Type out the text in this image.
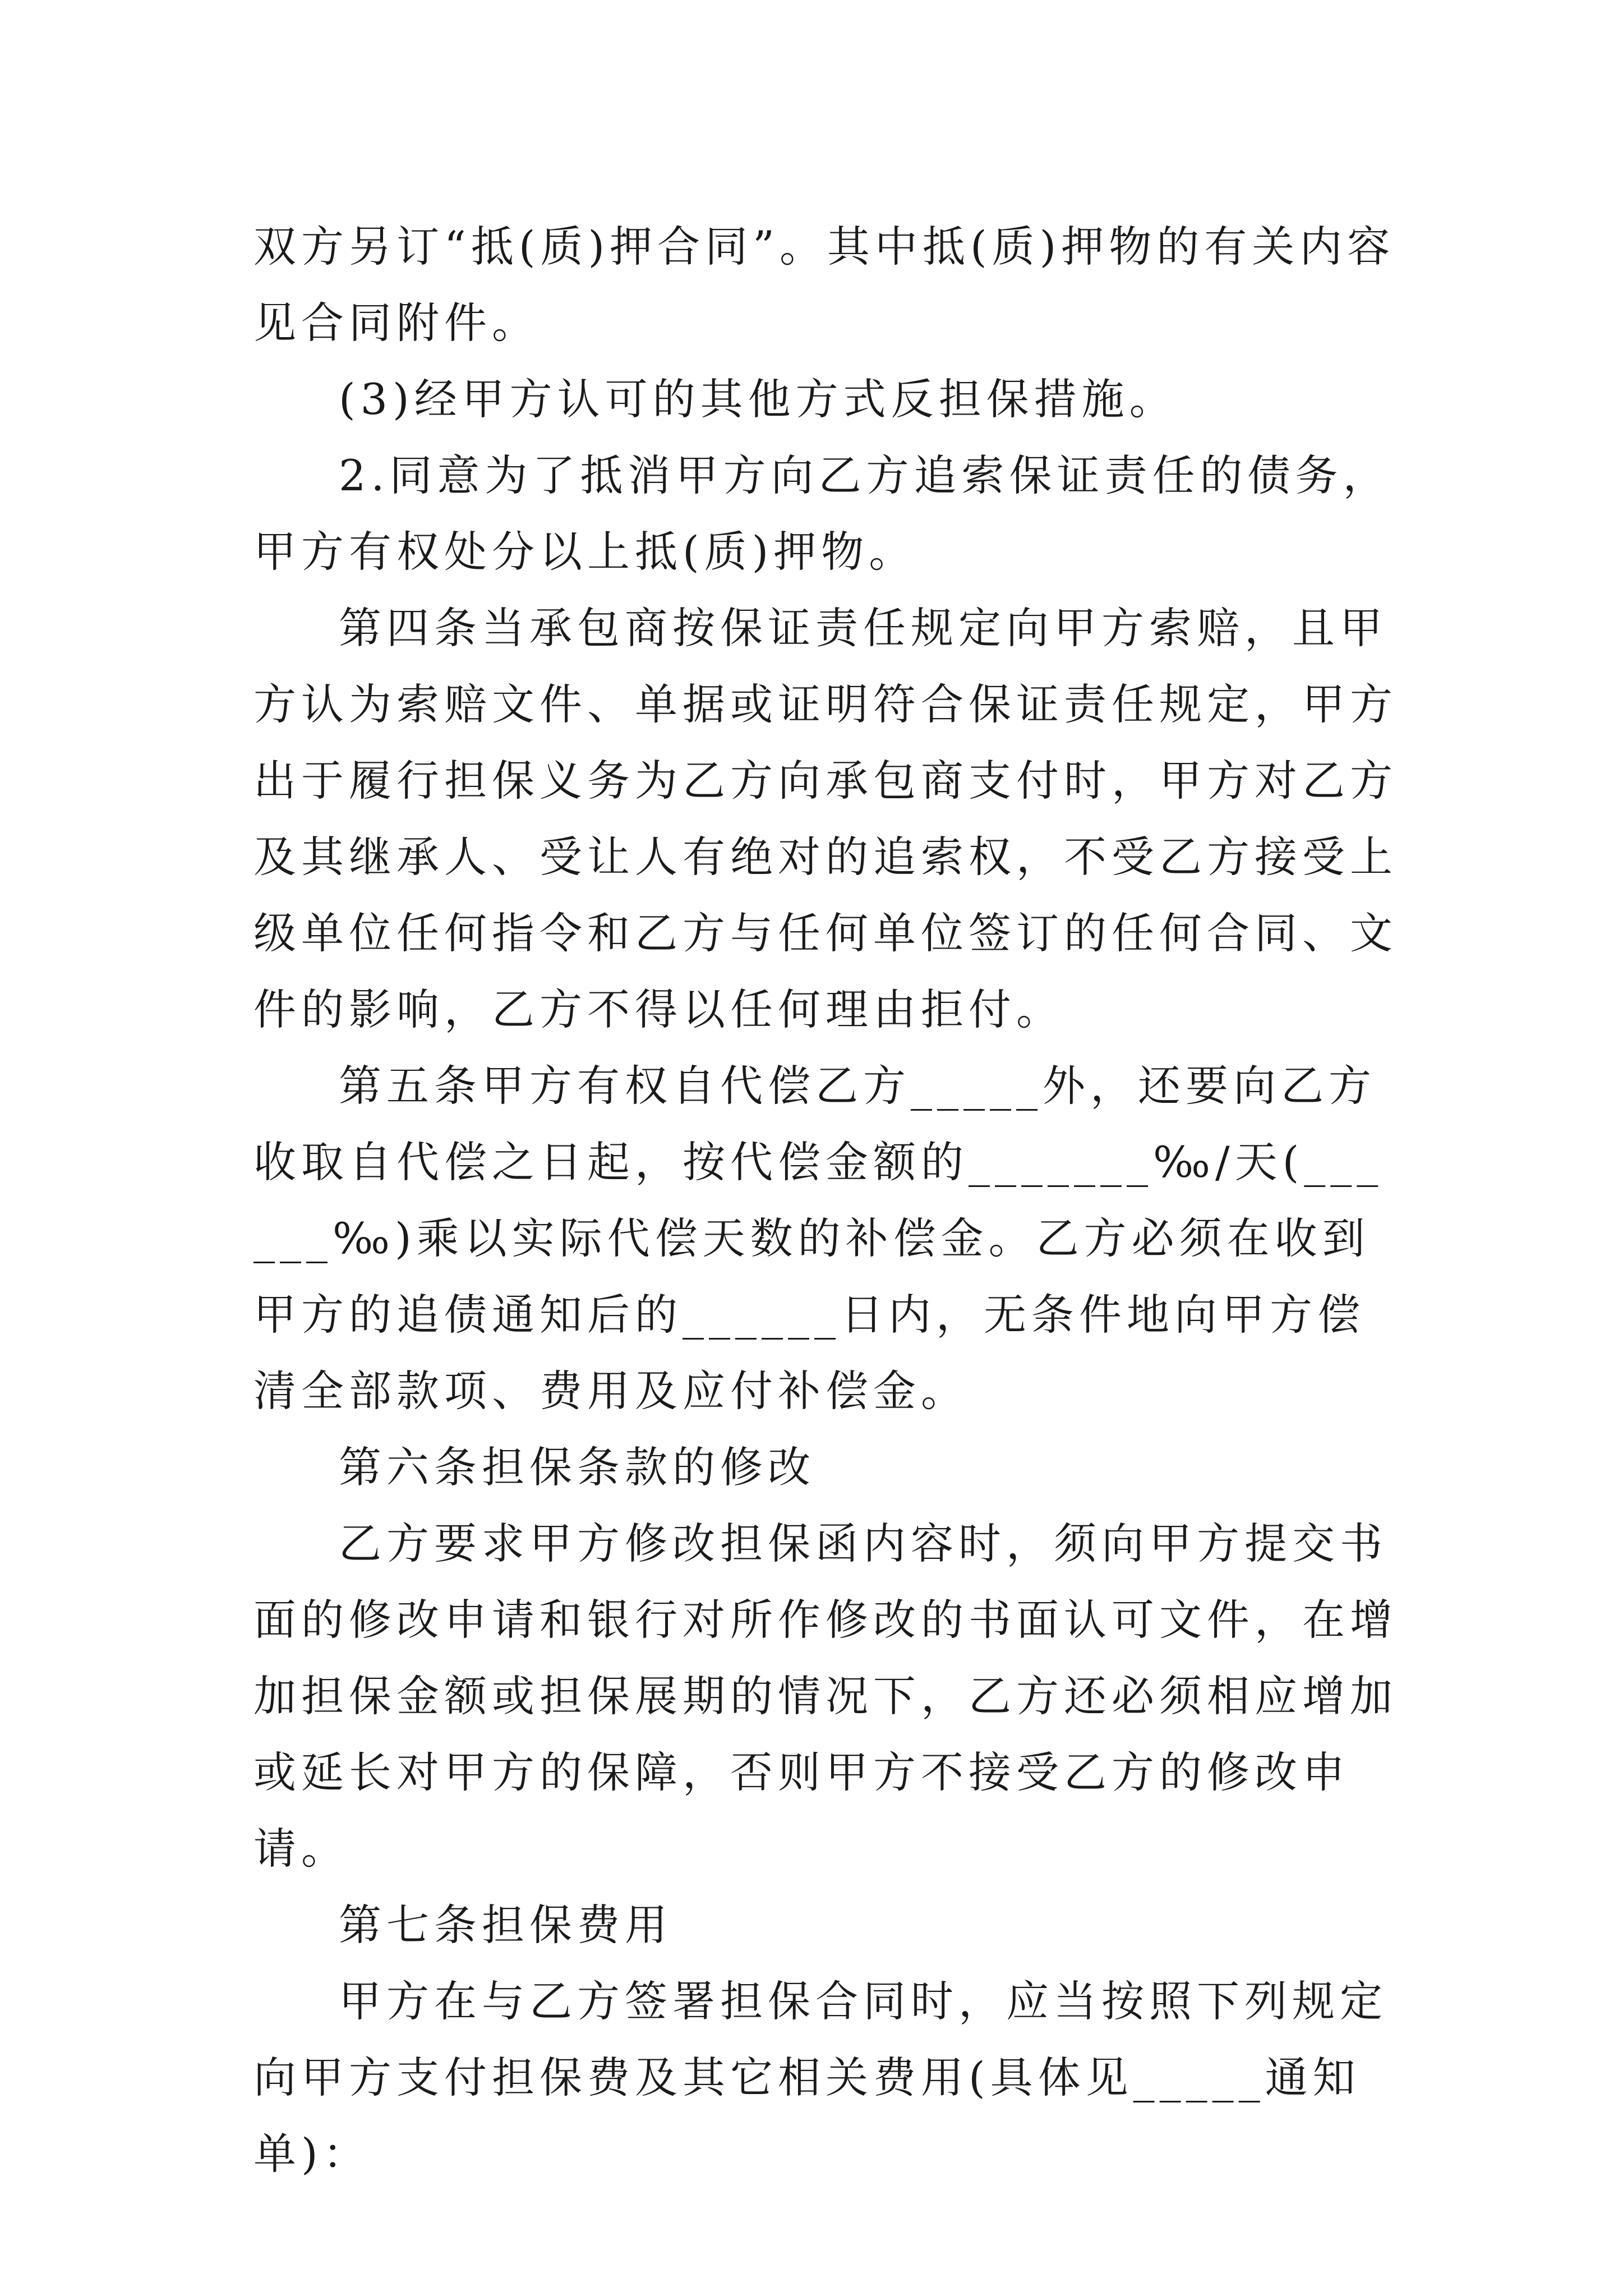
双方另订“抵(质)押合同”。其中抵(质)押物的有关内容见合同附件。

(3)经甲方认可的其他方式反担保措施。

2.同意为了抵消甲方向乙方追索保证责任的债务，甲方有权处分以上抵(质)押物。

第四条当承包商按保证责任规定向甲方索赔，且甲方认为索赔文件、单据或证明符合保证责任规定，甲方出于履行担保义务为乙方向承包商支付时，甲方对乙方及其继承人、受让人有绝对的追索权，不受乙方接受上级单位任何指令和乙方与任何单位签订的任何合同、文件的影响，乙方不得以任何理由拒付。

第五条甲方有权自代偿乙方_____外，还要向乙方收取自代偿之日起，按代偿金额的_______‰/天(______‰)乘以实际代偿天数的补偿金。乙方必须在收到甲方的追债通知后的______日内，无条件地向甲方偿清全部款项、费用及应付补偿金。

第六条担保条款的修改

乙方要求甲方修改担保函内容时，须向甲方提交书面的修改申请和银行对所作修改的书面认可文件，在增加担保金额或担保展期的情况下，乙方还必须相应增加或延长对甲方的保障，否则甲方不接受乙方的修改申请。

第七条担保费用

甲方在与乙方签署担保合同时，应当按照下列规定向甲方支付担保费及其它相关费用(具体见_____通知单)：
